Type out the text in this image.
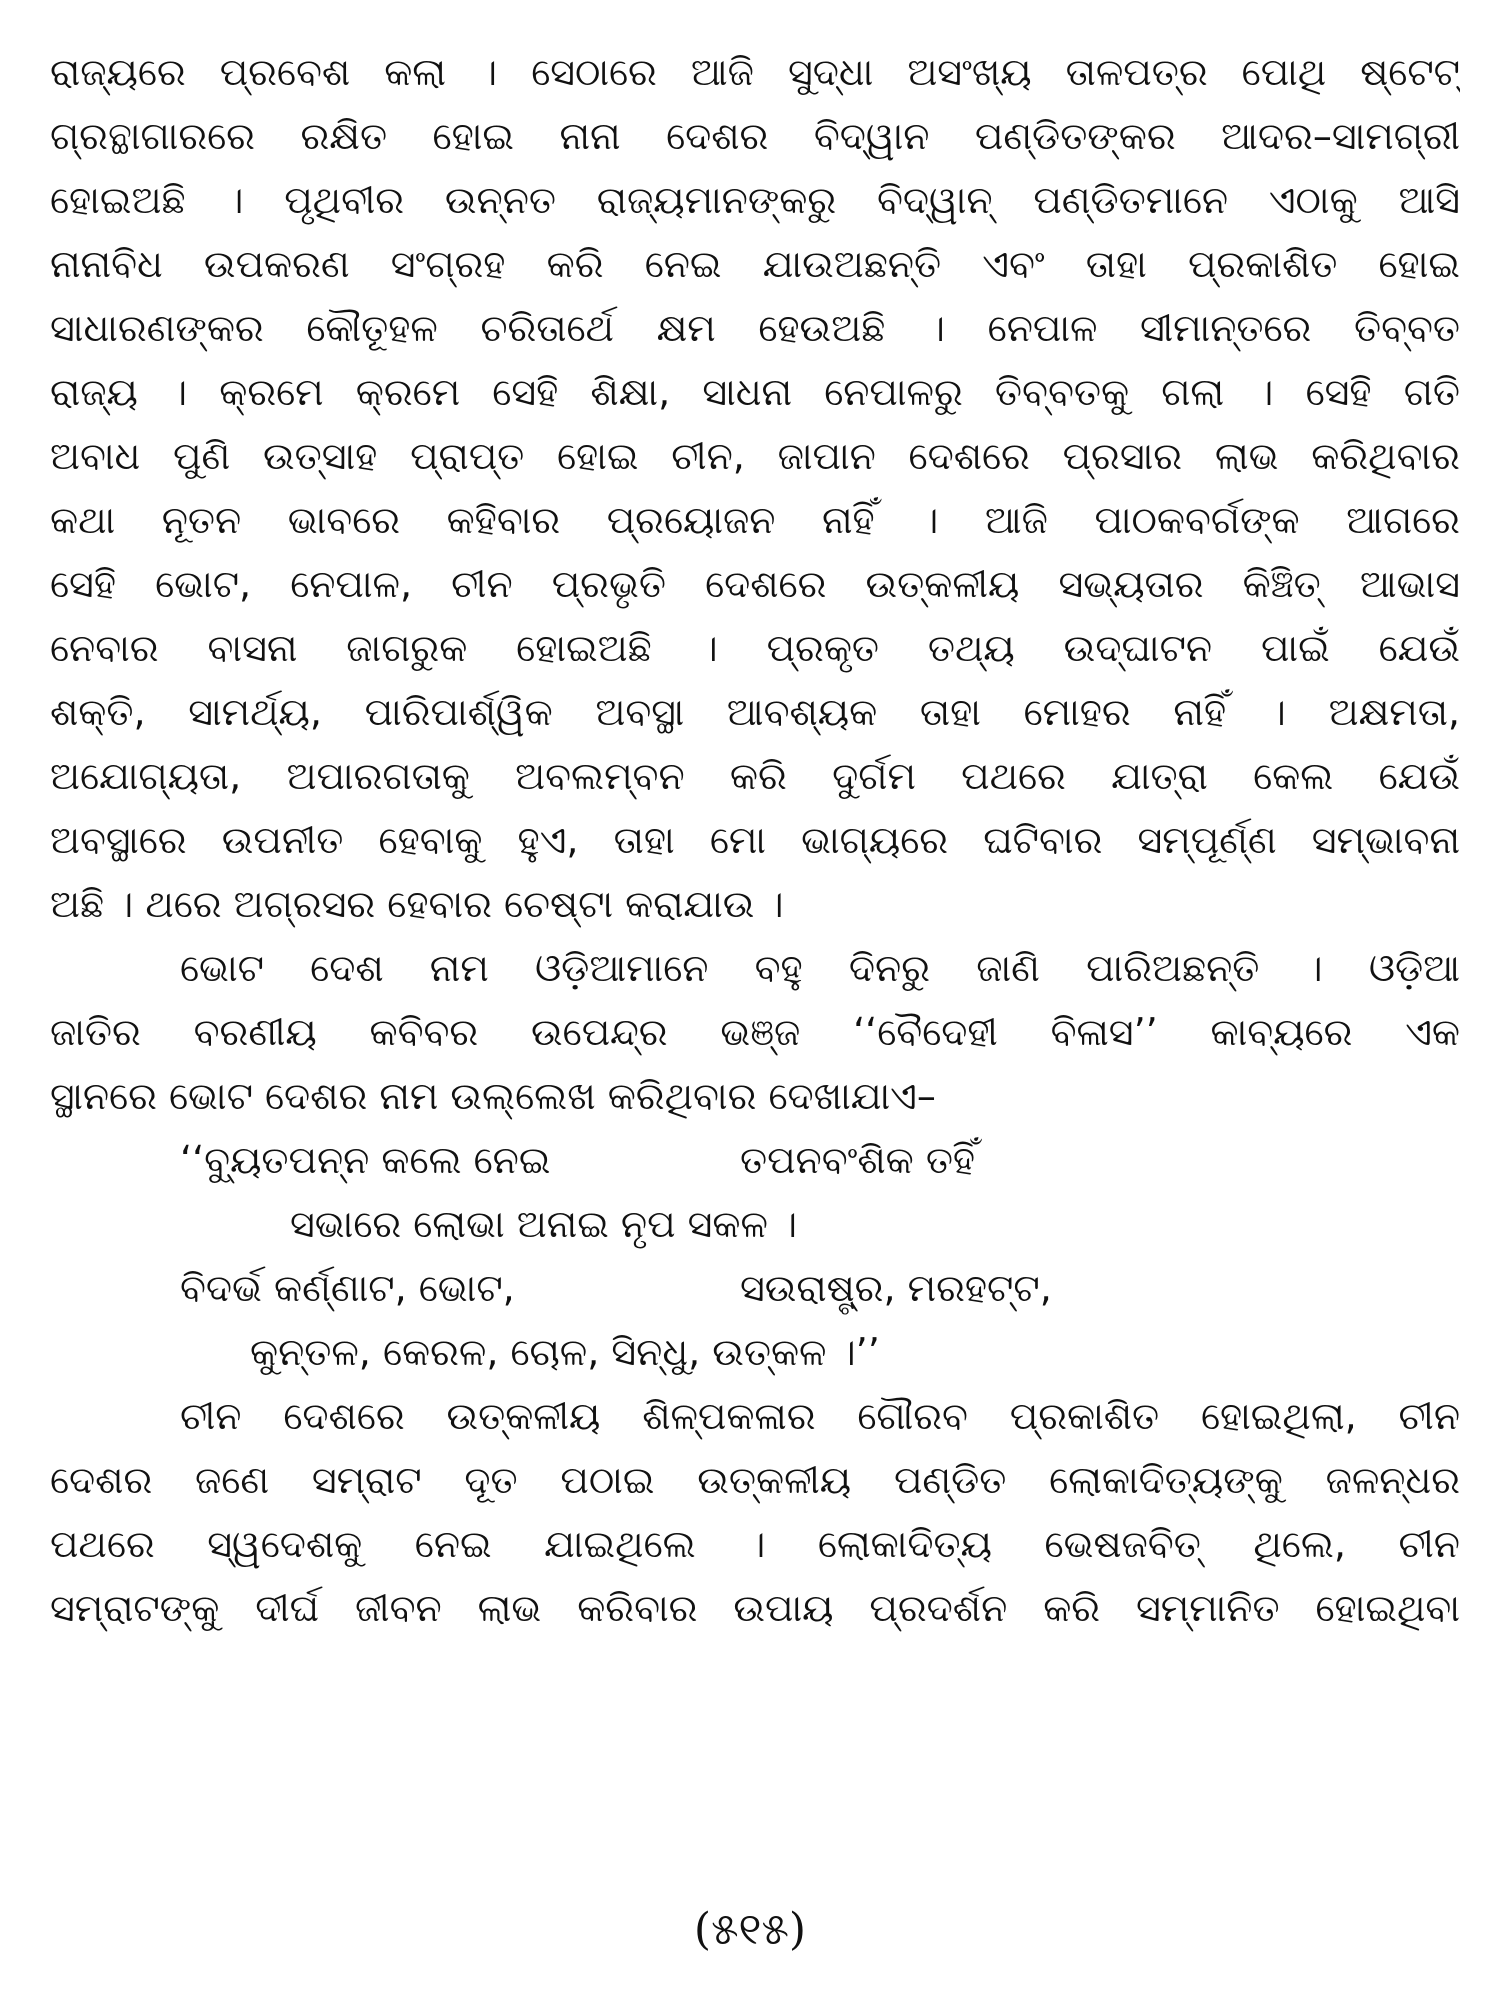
ରାଜ୍ୟରେ ପ୍ରବେଶ କଲା । ସେଠାରେ ଆଜି ସୁଦ୍ଧା ଅସଂଖ୍ୟ ତାଳପତ୍ର ପୋଥି ଷ୍ଟେଟ୍
ଗ୍ରନ୍ଥାଗାରରେ ରକ୍ଷିତ ହୋଇ ନାନା ଦେଶର ବିଦ୍ୱାନ ପଣ୍ଡିତଙ୍କର ଆଦର–ସାମଗ୍ରୀ
ହୋଇଅଛି । ପୃଥିବୀର ଉନ୍ନତ ରାଜ୍ୟମାନଙ୍କରୁ ବିଦ୍ୱାନ୍ ପଣ୍ଡିତମାନେ ଏଠାକୁ ଆସି
ନାନାବିଧ ଉପକରଣ ସଂଗ୍ରହ କରି ନେଇ ଯାଉଅଛନ୍ତି ଏବଂ ତାହା ପ୍ରକାଶିତ ହୋଇ
ସାଧାରଣଙ୍କର କୌତୂହଳ ଚରିତାର୍ଥେ କ୍ଷମ ହେଉଅଛି । ନେପାଳ ସୀମାନ୍ତରେ ତିବ୍ବତ
ରାଜ୍ୟ । କ୍ରମେ କ୍ରମେ ସେହି ଶିକ୍ଷା, ସାଧନା ନେପାଳରୁ ତିବ୍ବତକୁ ଗଲା । ସେହି ଗତି
ଅବାଧ ପୁଣି ଉତ୍ସାହ ପ୍ରାପ୍ତ ହୋଇ ଚୀନ, ଜାପାନ ଦେଶରେ ପ୍ରସାର ଲାଭ କରିଥିବାର
କଥା ନୂତନ ଭାବରେ କହିବାର ପ୍ରୟୋଜନ ନାହିଁ । ଆଜି ପାଠକବର୍ଗଙ୍କ ଆଗରେ
ସେହି ଭୋଟ, ନେପାଳ, ଚୀନ ପ୍ରଭୃତି ଦେଶରେ ଉତ୍କଳୀୟ ସଭ୍ୟତାର କିଞ୍ଚିତ୍ ଆଭାସ
ନେବାର ବାସନା ଜାଗରୁକ ହୋଇଅଛି । ପ୍ରକୃତ ତଥ୍ୟ ଉଦ୍‌ଘାଟନ ପାଇଁ ଯେଉଁ
ଶକ୍ତି, ସାମର୍ଥ୍ୟ, ପାରିପାର୍ଶ୍ୱିକ ଅବସ୍ଥା ଆବଶ୍ୟକ ତାହା ମୋହର ନାହିଁ । ଅକ୍ଷମତା,
ଅଯୋଗ୍ୟତା, ଅପାରଗତାକୁ ଅବଲମ୍ବନ କରି ଦୁର୍ଗମ ପଥରେ ଯାତ୍ରା କେଲ ଯେଉଁ
ଅବସ୍ଥାରେ ଉପନୀତ ହେବାକୁ ହୁଏ, ତାହା ମୋ ଭାଗ୍ୟରେ ଘଟିବାର ସମ୍ପୂର୍ଣ୍ଣ ସମ୍ଭାବନା
ଅଛି । ଥରେ ଅଗ୍ରସର ହେବାର ଚେଷ୍ଟା କରାଯାଉ ।
ଭୋଟ ଦେଶ ନାମ ଓଡ଼ିଆମାନେ ବହୁ ଦିନରୁ ଜାଣି ପାରିଅଛନ୍ତି । ଓଡ଼ିଆ
ଜାତିର ବରଣୀୟ କବିବର ଉପେନ୍ଦ୍ର ଭଞ୍ଜ ‘‘ବୈଦେହୀ ବିଳାସ’’ କାବ୍ୟରେ ଏକ
ସ୍ଥାନରେ ଭୋଟ ଦେଶର ନାମ ଉଲ୍ଲେଖ କରିଥିବାର ଦେଖାଯାଏ–
‘‘ବ୍ୟୁତପନ୍ନ କଲେ ନେଇ	ତପନବଂଶିକ ତହିଁ
ସଭାରେ ଲୋଭା ଅନାଇ ନୃପ ସକଳ ।
ବିଦର୍ଭ କର୍ଣ୍ଣାଟ, ଭୋଟ,	ସଉରାଷ୍ଟ୍ର, ମରହଟ୍ଟ,
କୁନ୍ତଳ, କେରଳ, ଚୋଳ, ସିନ୍ଧୁ, ଉତ୍କଳ ।’’
ଚୀନ ଦେଶରେ ଉତ୍କଳୀୟ ଶିଳ୍ପକଳାର ଗୌରବ ପ୍ରକାଶିତ ହୋଇଥିଲା, ଚୀନ
ଦେଶର ଜଣେ ସମ୍ରାଟ ଦୂତ ପଠାଇ ଉତ୍କଳୀୟ ପଣ୍ଡିତ ଲୋକାଦିତ୍ୟଙ୍କୁ ଜଳନ୍ଧର
ପଥରେ ସ୍ୱଦେଶକୁ ନେଇ ଯାଇଥିଲେ । ଲୋକାଦିତ୍ୟ ଭେଷଜବିତ୍ ଥିଲେ, ଚୀନ
ସମ୍ରାଟଙ୍କୁ ଦୀର୍ଘ ଜୀବନ ଲାଭ କରିବାର ଉପାୟ ପ୍ରଦର୍ଶନ କରି ସମ୍ମାନିତ ହୋଇଥିବା
(୫୧୫)
